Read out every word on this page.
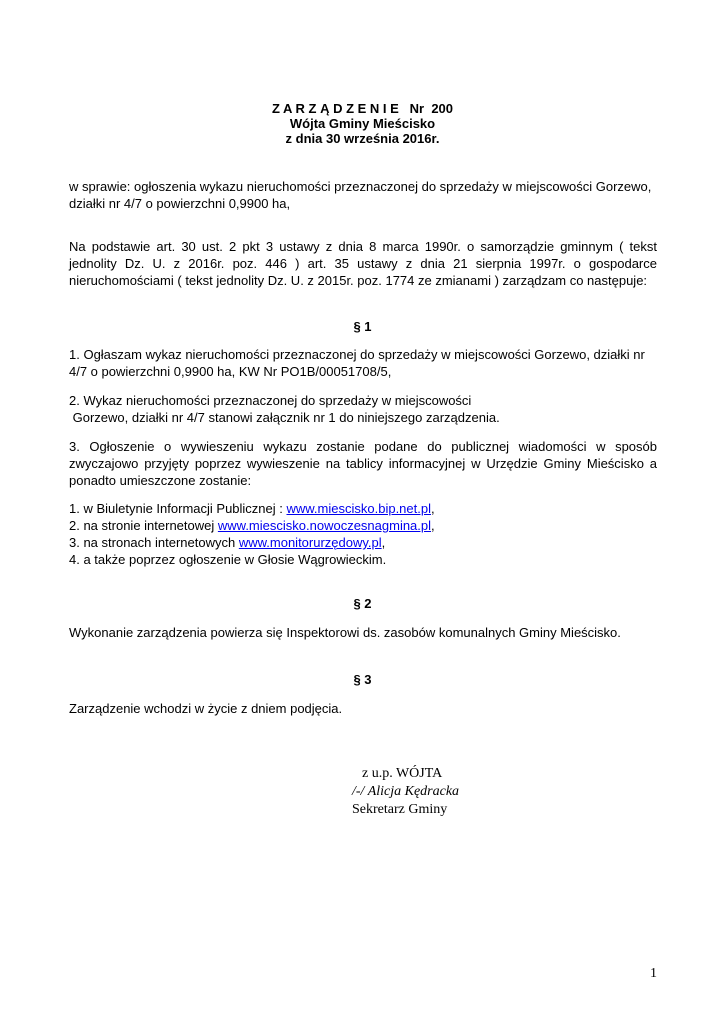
Z A R Z Ą D Z E N I E   Nr  200
Wójta Gminy Mieścisko
z dnia 30 września 2016r.
w sprawie: ogłoszenia wykazu nieruchomości przeznaczonej do sprzedaży w miejscowości Gorzewo, działki nr 4/7 o powierzchni 0,9900 ha,
Na podstawie art. 30 ust. 2 pkt 3 ustawy z dnia 8 marca 1990r. o samorządzie gminnym ( tekst jednolity Dz. U. z 2016r. poz. 446 ) art. 35 ustawy z dnia 21 sierpnia 1997r. o gospodarce nieruchomościami ( tekst jednolity Dz. U. z 2015r. poz. 1774 ze zmianami ) zarządzam co następuje:
§ 1
1. Ogłaszam wykaz nieruchomości przeznaczonej do sprzedaży w miejscowości Gorzewo, działki nr 4/7 o powierzchni 0,9900 ha, KW Nr PO1B/00051708/5,
2. Wykaz nieruchomości przeznaczonej do sprzedaży w miejscowości
Gorzewo, działki nr 4/7 stanowi załącznik nr 1 do niniejszego zarządzenia.
3. Ogłoszenie o wywieszeniu wykazu zostanie podane do publicznej wiadomości w sposób zwyczajowo przyjęty poprzez wywieszenie na tablicy informacyjnej w Urzędzie Gminy Mieścisko a ponadto umieszczone zostanie:
1. w Biuletynie Informacji Publicznej : www.miescisko.bip.net.pl,
2. na stronie internetowej www.miescisko.nowoczesnagmina.pl,
3. na stronach internetowych www.monitorurzędowy.pl,
4. a także poprzez ogłoszenie w Głosie Wągrowieckim.
§ 2
Wykonanie zarządzenia powierza się Inspektorowi ds. zasobów komunalnych Gminy Mieścisko.
§ 3
Zarządzenie wchodzi w życie z dniem podjęcia.
z u.p. WÓJTA
/-/ Alicja Kędracka
Sekretarz Gminy
1
